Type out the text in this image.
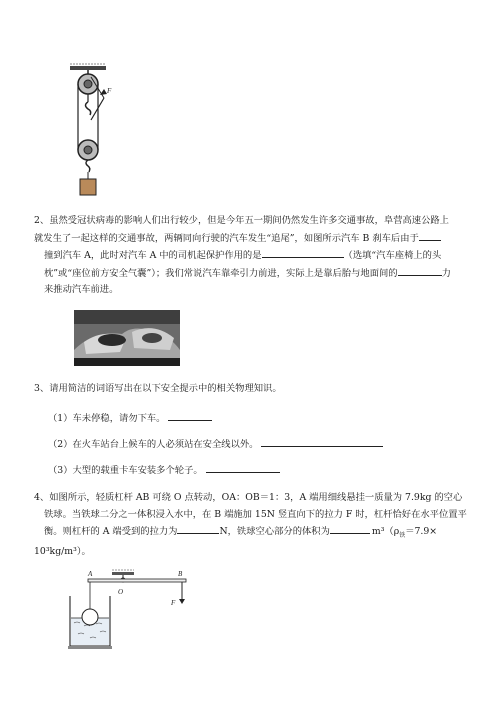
F
2、虽然受冠状病毒的影响人们出行较少，但是今年五一期间仍然发生许多交通事故，阜营高速公路上
就发生了一起这样的交通事故，两辆同向行驶的汽车发生“追尾”，如图所示汽车 B 刹车后由于
撞到汽车 A，此时对汽车 A 中的司机起保护作用的是	（选填“汽车座椅上的头
枕”或“座位前方安全气囊”）；我们常说汽车靠牵引力前进，实际上是靠后胎与地面间的	力
来推动汽车前进。
3、请用简洁的词语写出在以下安全提示中的相关物理知识。
（1）车未停稳，请勿下车。
（2）在火车站台上候车的人必须站在安全线以外。
（3）大型的载重卡车安装多个轮子。
4、如图所示，轻质杠杆 AB 可绕 O 点转动，OA：OB＝1：3，A 端用细线悬挂一质量为 7.9kg 的空心
铁球。当铁球二分之一体积浸入水中，在 B 端施加 15N 竖直向下的拉力 F 时，杠杆恰好在水平位置平
衡。则杠杆的 A 端受到的拉力为	N，铁球空心部分的体积为	$m^3(\rho_铁=7.9\times$
10³kg/m³）。
A
O
B
F
